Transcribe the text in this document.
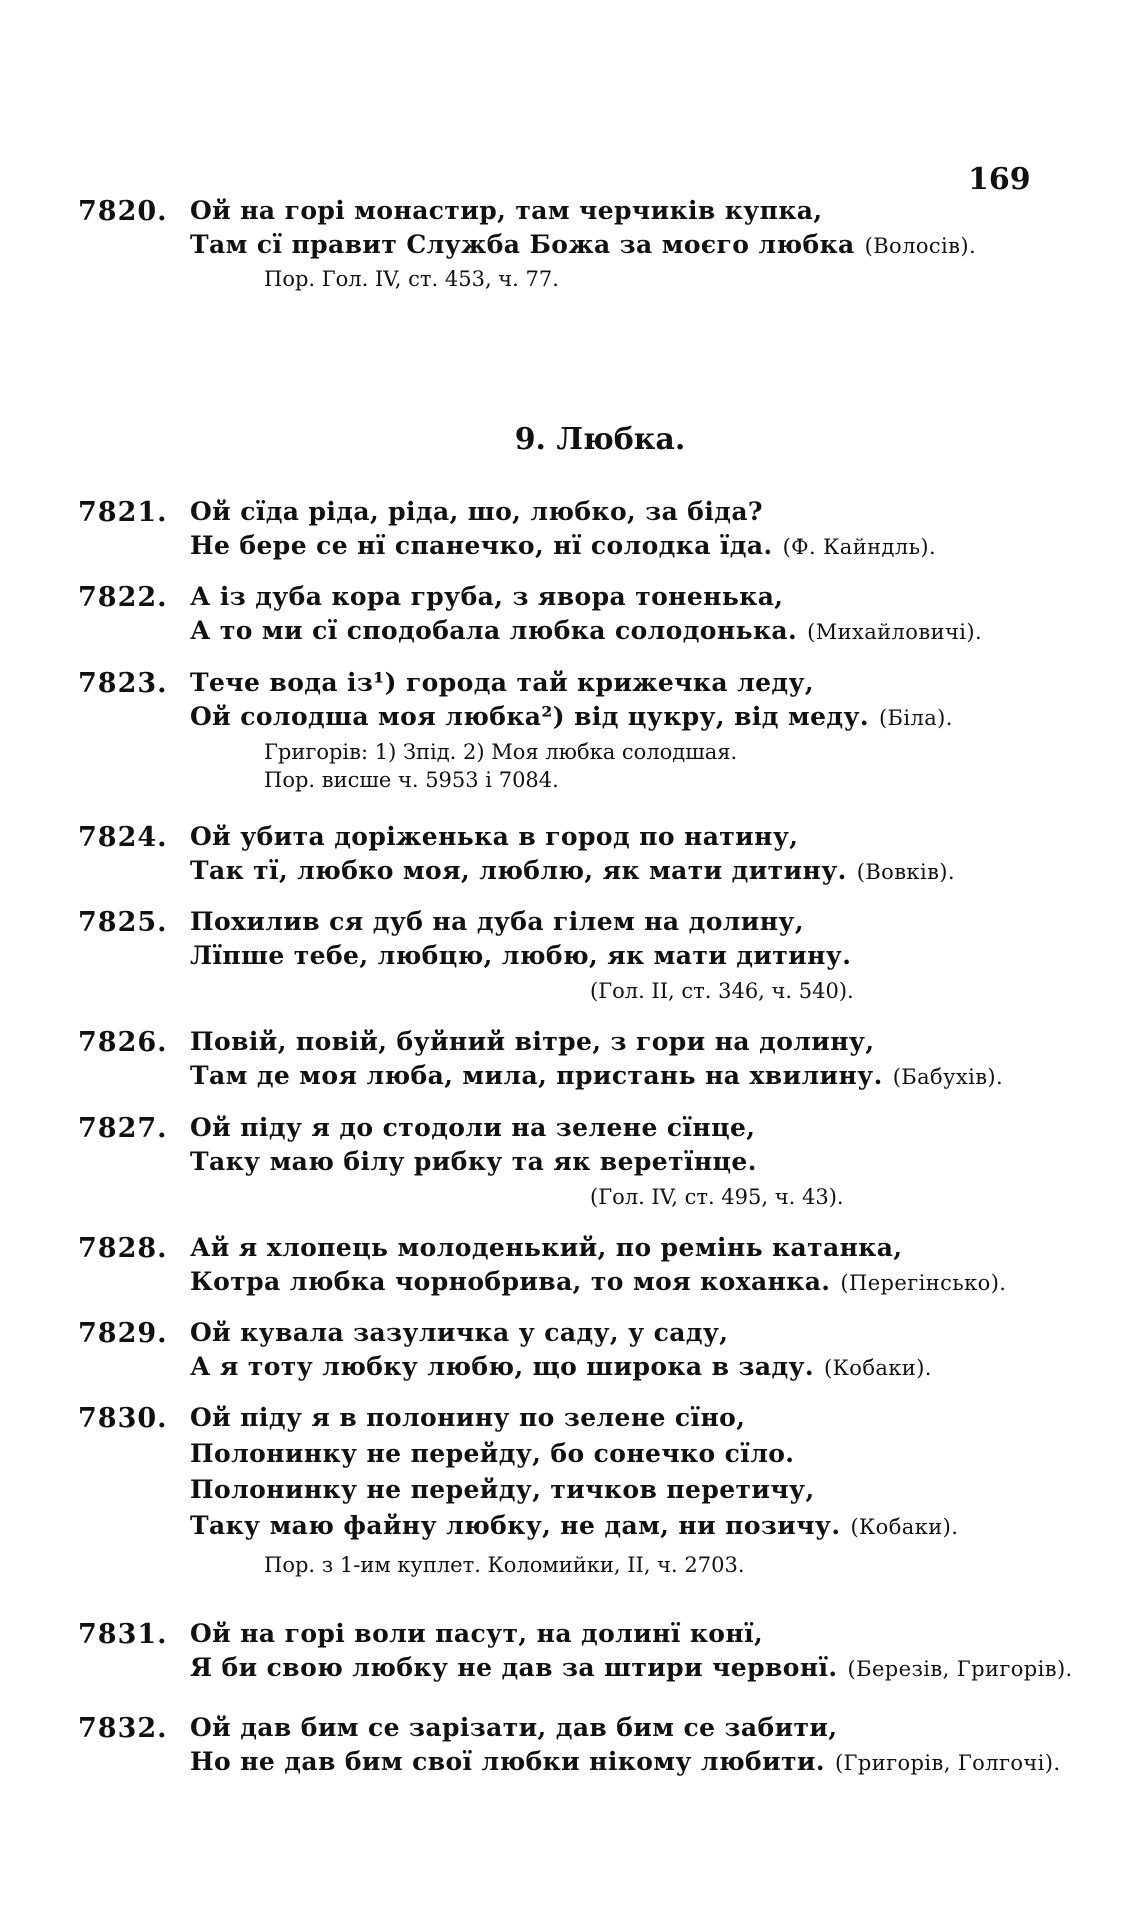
169
7820. Ой на горі монастир, там черчиків купка,
Там сї правит Служба Божа за моєго любка (Волосів).
Пор. Гол. IV, ст. 453, ч. 77.
9. Любка.
7821. Ой сїда ріда, ріда, шо, любко, за біда?
Не бере се нї спанечко, нї солодка їда. (Ф. Кайндль).
7822. А із дуба кора груба, з явора тоненька,
А то ми сї сподобала любка солодонька. (Михайловичі).
7823. Тече вода із¹) города тай крижечка леду,
Ой солодша моя любка²) від цукру, від меду. (Біла).
Григорів: 1) Зпід. 2) Моя любка солодшая.
Пор. висше ч. 5953 і 7084.
7824. Ой убита доріженька в город по натину,
Так тї, любко моя, люблю, як мати дитину. (Вовків).
7825. Похилив ся дуб на дуба гілем на долину,
Лїпше тебе, любцю, любю, як мати дитину.
(Гол. II, ст. 346, ч. 540).
7826. Повій, повій, буйний вітре, з гори на долину,
Там де моя люба, мила, пристань на хвилину. (Бабухів).
7827. Ой піду я до стодоли на зелене сїнце,
Таку маю білу рибку та як веретїнце.
(Гол. IV, ст. 495, ч. 43).
7828. Ай я хлопець молоденький, по ремінь катанка,
Котра любка чорнобрива, то моя коханка. (Перегінсько).
7829. Ой кувала зазуличка у саду, у саду,
А я тоту любку любю, що широка в заду. (Кобаки).
7830. Ой піду я в полонину по зелене сїно,
Полонинку не перейду, бо сонечко сїло.
Полонинку не перейду, тичков перетичу,
Таку маю файну любку, не дам, ни позичу. (Кобаки).
Пор. з 1-им куплет. Коломийки, II, ч. 2703.
7831. Ой на горі воли пасут, на долинї конї,
Я би свою любку не дав за штири червонї. (Березів, Григорів).
7832. Ой дав бим се зарізати, дав бим се забити,
Но не дав бим свої любки нікому любити. (Григорів, Голгочі).
